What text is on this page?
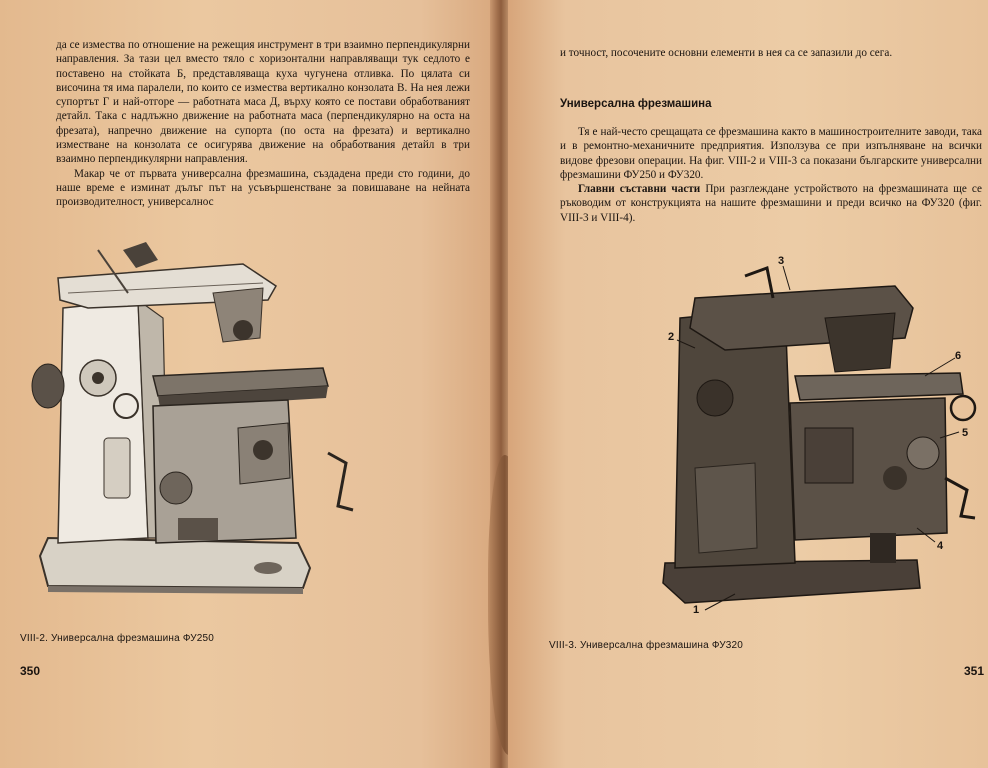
да се измества по отношение на режещия инструмент в три взаимно перпендикулярни направления. За тази цел вместо тяло с хоризонтални направляващи тук седлото е поставено на стойката Б, представляваща куха чугунена отливка. По цялата си височина тя има паралели, по които се измества вертикално конзолата В. На нея лежи супортът Г и най-отгоре — работната маса Д, върху която се постави обработваният детайл. Така с надлъжно движение на работната маса (перпендикулярно на оста на фрезата), напречно движение на супорта (по оста на фрезата) и вертикално изместване на конзолата се осигурява движение на обработвания детайл в три взаимно перпендикулярни направления.

Макар че от първата универсална фрезмашина, създадена преди сто години, до наше време е изминат дълъг път на усъвършенстване за повишаване на нейната производителност, универсалнос

VIII-2. Универсална фрезмашина ФУ250
350

и точност, посочените основни елементи в нея са се запазили до сега.

Универсална фрезмашина

Тя е най-често срещащата се фрезмашина както в машиностроителните заводи, така и в ремонтно-механичните предприятия. Използува се при изпълняване на всички видове фрезови операции. На фиг. VIII-2 и VIII-3 са показани българските универсални фрезмашини ФУ250 и ФУ320.

Главни съставни части При разглеждане устройството на фрезмашината ще се ръководим от конструкцията на нашите фрезмашини и преди всичко на ФУ320 (фиг. VIII-3 и VIII-4).

1
2
3
4
5
6
VIII-3. Универсална фрезмашина ФУ320
351
